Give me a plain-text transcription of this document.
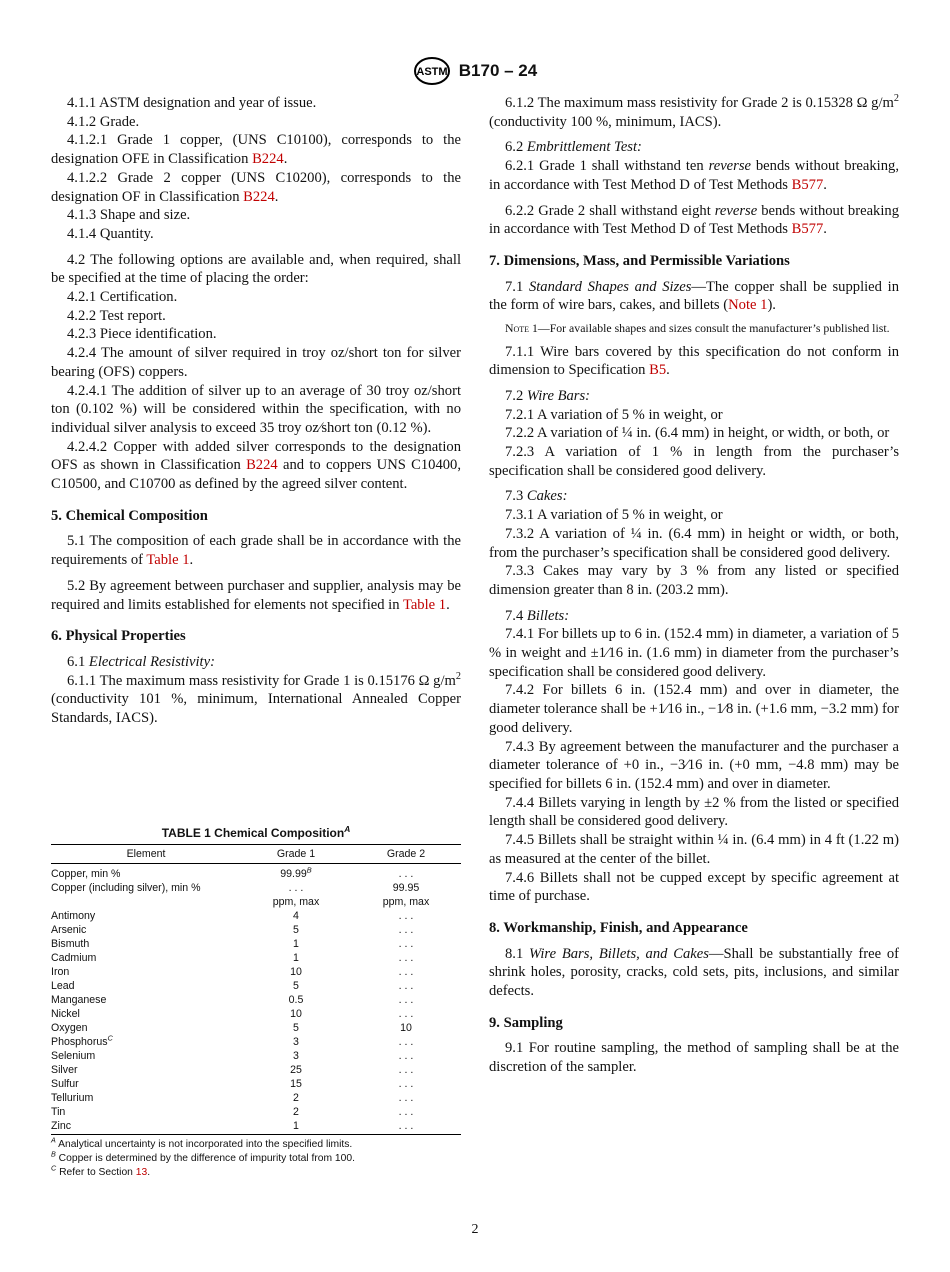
ASTM B170 – 24

4.1.1 ASTM designation and year of issue.

4.1.2 Grade.

4.1.2.1 Grade 1 copper, (UNS C10100), corresponds to the designation OFE in Classification B224.

4.1.2.2 Grade 2 copper (UNS C10200), corresponds to the designation OF in Classification B224.

4.1.3 Shape and size.

4.1.4 Quantity.

4.2 The following options are available and, when required, shall be specified at the time of placing the order:

4.2.1 Certification.

4.2.2 Test report.

4.2.3 Piece identification.

4.2.4 The amount of silver required in troy oz/short ton for silver bearing (OFS) coppers.

4.2.4.1 The addition of silver up to an average of 30 troy oz/short ton (0.102 %) will be considered within the specification, with no individual silver analysis to exceed 35 troy oz⁄short ton (0.12 %).

4.2.4.2 Copper with added silver corresponds to the designation OFS as shown in Classification B224 and to coppers UNS C10400, C10500, and C10700 as defined by the agreed silver content.

5. Chemical Composition

5.1 The composition of each grade shall be in accordance with the requirements of Table 1.

5.2 By agreement between purchaser and supplier, analysis may be required and limits established for elements not specified in Table 1.

6. Physical Properties

6.1 Electrical Resistivity:

6.1.1 The maximum mass resistivity for Grade 1 is 0.15176 Ω $g/m^2$ (conductivity 101 %, minimum, International Annealed Copper Standards, IACS).

TABLE 1 Chemical Composition$^A$
Element	Grade 1	Grade 2

Copper, min %	$99.99^B$	. . .
Copper (including silver), min %	. . .	99.95
	ppm, max	ppm, max
Antimony	4	. . .
Arsenic	5	. . .
Bismuth	1	. . .
Cadmium	1	. . .
Iron	10	. . .
Lead	5	. . .
Manganese	0.5	. . .
Nickel	10	. . .
Oxygen	5	10
Phosphorus$^C$	3	. . .
Selenium	3	. . .
Silver	25	. . .
Sulfur	15	. . .
Tellurium	2	. . .
Tin	2	. . .
Zinc	1	. . .

$^A$ Analytical uncertainty is not incorporated into the specified limits.

$^B$ Copper is determined by the difference of impurity total from 100.

$^C$ Refer to Section 13.

6.1.2 The maximum mass resistivity for Grade 2 is 0.15328 Ω $g/m^2$ (conductivity 100 %, minimum, IACS).

6.2 Embrittlement Test:

6.2.1 Grade 1 shall withstand ten reverse bends without breaking, in accordance with Test Method D of Test Methods B577.

6.2.2 Grade 2 shall withstand eight reverse bends without breaking in accordance with Test Method D of Test Methods B577.

7. Dimensions, Mass, and Permissible Variations

7.1 Standard Shapes and Sizes—The copper shall be supplied in the form of wire bars, cakes, and billets (Note 1).

Note 1—For available shapes and sizes consult the manufacturer’s published list.

7.1.1 Wire bars covered by this specification do not conform in dimension to Specification B5.

7.2 Wire Bars:

7.2.1 A variation of 5 % in weight, or

7.2.2 A variation of ¼ in. (6.4 mm) in height, or width, or both, or

7.2.3 A variation of 1 % in length from the purchaser’s specification shall be considered good delivery.

7.3 Cakes:

7.3.1 A variation of 5 % in weight, or

7.3.2 A variation of ¼ in. (6.4 mm) in height or width, or both, from the purchaser’s specification shall be considered good delivery.

7.3.3 Cakes may vary by 3 % from any listed or specified dimension greater than 8 in. (203.2 mm).

7.4 Billets:

7.4.1 For billets up to 6 in. (152.4 mm) in diameter, a variation of 5 % in weight and ±1⁄16 in. (1.6 mm) in diameter from the purchaser’s specification shall be considered good delivery.

7.4.2 For billets 6 in. (152.4 mm) and over in diameter, the diameter tolerance shall be +1⁄16 in., −1⁄8 in. (+1.6 mm, −3.2 mm) for good delivery.

7.4.3 By agreement between the manufacturer and the purchaser a diameter tolerance of +0 in., −3⁄16 in. (+0 mm, −4.8 mm) may be specified for billets 6 in. (152.4 mm) and over in diameter.

7.4.4 Billets varying in length by ±2 % from the listed or specified length shall be considered good delivery.

7.4.5 Billets shall be straight within ¼ in. (6.4 mm) in 4 ft (1.22 m) as measured at the center of the billet.

7.4.6 Billets shall not be cupped except by specific agreement at time of purchase.

8. Workmanship, Finish, and Appearance

8.1 Wire Bars, Billets, and Cakes—Shall be substantially free of shrink holes, porosity, cracks, cold sets, pits, inclusions, and similar defects.

9. Sampling

9.1 For routine sampling, the method of sampling shall be at the discretion of the sampler.

2
